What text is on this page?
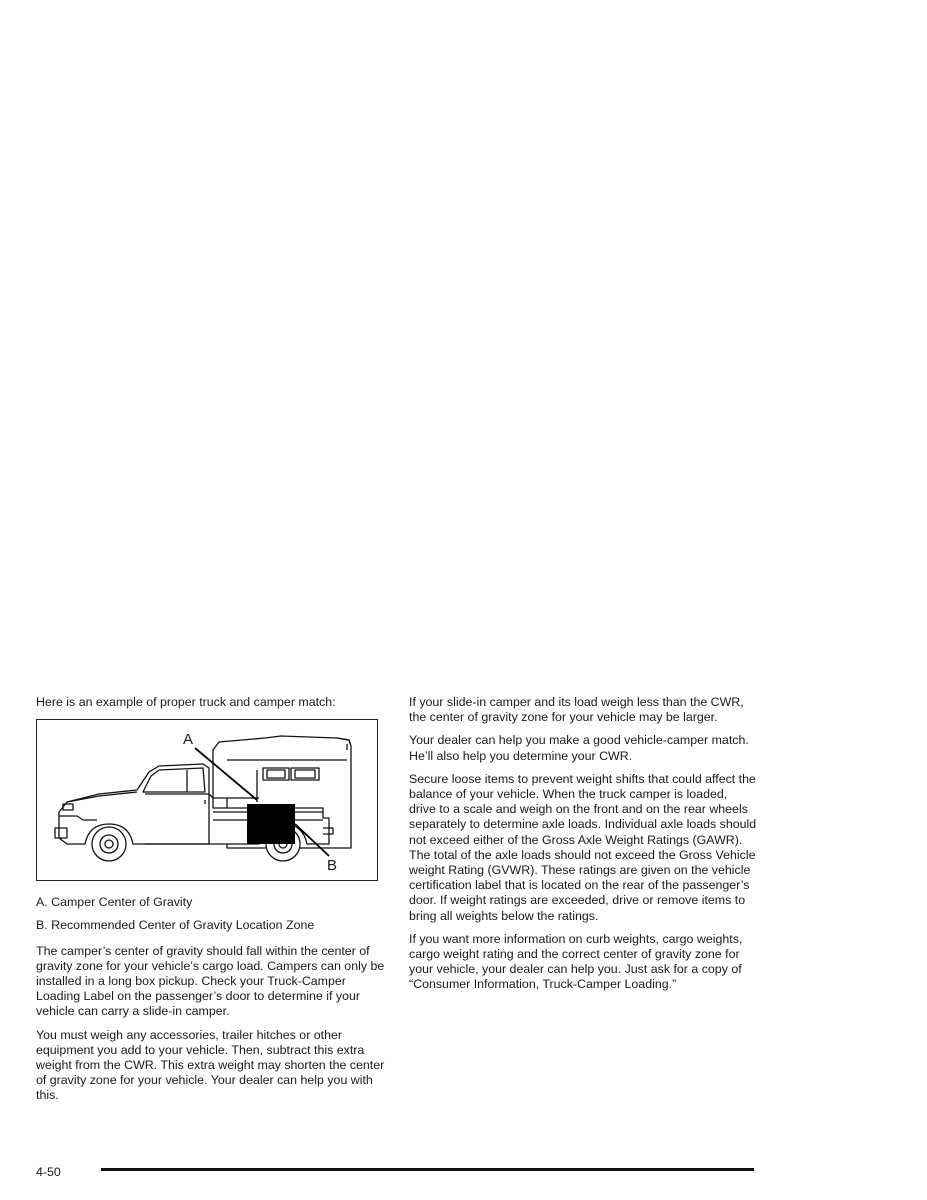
Here is an example of proper truck and camper match:

A
B

A. Camper Center of Gravity

B. Recommended Center of Gravity Location Zone

The camper’s center of gravity should fall within the center of gravity zone for your vehicle’s cargo load. Campers can only be installed in a long box pickup. Check your Truck-Camper Loading Label on the passenger’s door to determine if your vehicle can carry a slide-in camper.

You must weigh any accessories, trailer hitches or other equipment you add to your vehicle. Then, subtract this extra weight from the CWR. This extra weight may shorten the center of gravity zone for your vehicle. Your dealer can help you with this.

If your slide-in camper and its load weigh less than the CWR, the center of gravity zone for your vehicle may be larger.

Your dealer can help you make a good vehicle-camper match. He’ll also help you determine your CWR.

Secure loose items to prevent weight shifts that could affect the balance of your vehicle. When the truck camper is loaded, drive to a scale and weigh on the front and on the rear wheels separately to determine axle loads. Individual axle loads should not exceed either of the Gross Axle Weight Ratings (GAWR). The total of the axle loads should not exceed the Gross Vehicle weight Rating (GVWR). These ratings are given on the vehicle certification label that is located on the rear of the passenger’s door. If weight ratings are exceeded, drive or remove items to bring all weights below the ratings.

If you want more information on curb weights, cargo weights, cargo weight rating and the correct center of gravity zone for your vehicle, your dealer can help you. Just ask for a copy of “Consumer Information, Truck-Camper Loading.”

4-50
